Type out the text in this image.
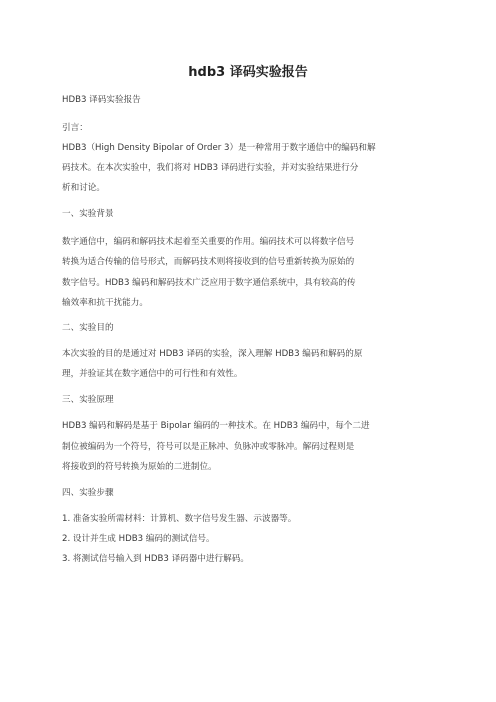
hdb3 译码实验报告
HDB3 译码实验报告
引言：
HDB3（High Density Bipolar of Order 3）是一种常用于数字通信中的编码和解
码技术。在本次实验中，我们将对 HDB3 译码进行实验，并对实验结果进行分
析和讨论。
一、实验背景
数字通信中，编码和解码技术起着至关重要的作用。编码技术可以将数字信号
转换为适合传输的信号形式，而解码技术则将接收到的信号重新转换为原始的
数字信号。HDB3 编码和解码技术广泛应用于数字通信系统中，具有较高的传
输效率和抗干扰能力。
二、实验目的
本次实验的目的是通过对 HDB3 译码的实验，深入理解 HDB3 编码和解码的原
理，并验证其在数字通信中的可行性和有效性。
三、实验原理
HDB3 编码和解码是基于 Bipolar 编码的一种技术。在 HDB3 编码中，每个二进
制位被编码为一个符号，符号可以是正脉冲、负脉冲或零脉冲。解码过程则是
将接收到的符号转换为原始的二进制位。
四、实验步骤
1. 准备实验所需材料：计算机、数字信号发生器、示波器等。
2. 设计并生成 HDB3 编码的测试信号。
3. 将测试信号输入到 HDB3 译码器中进行解码。
